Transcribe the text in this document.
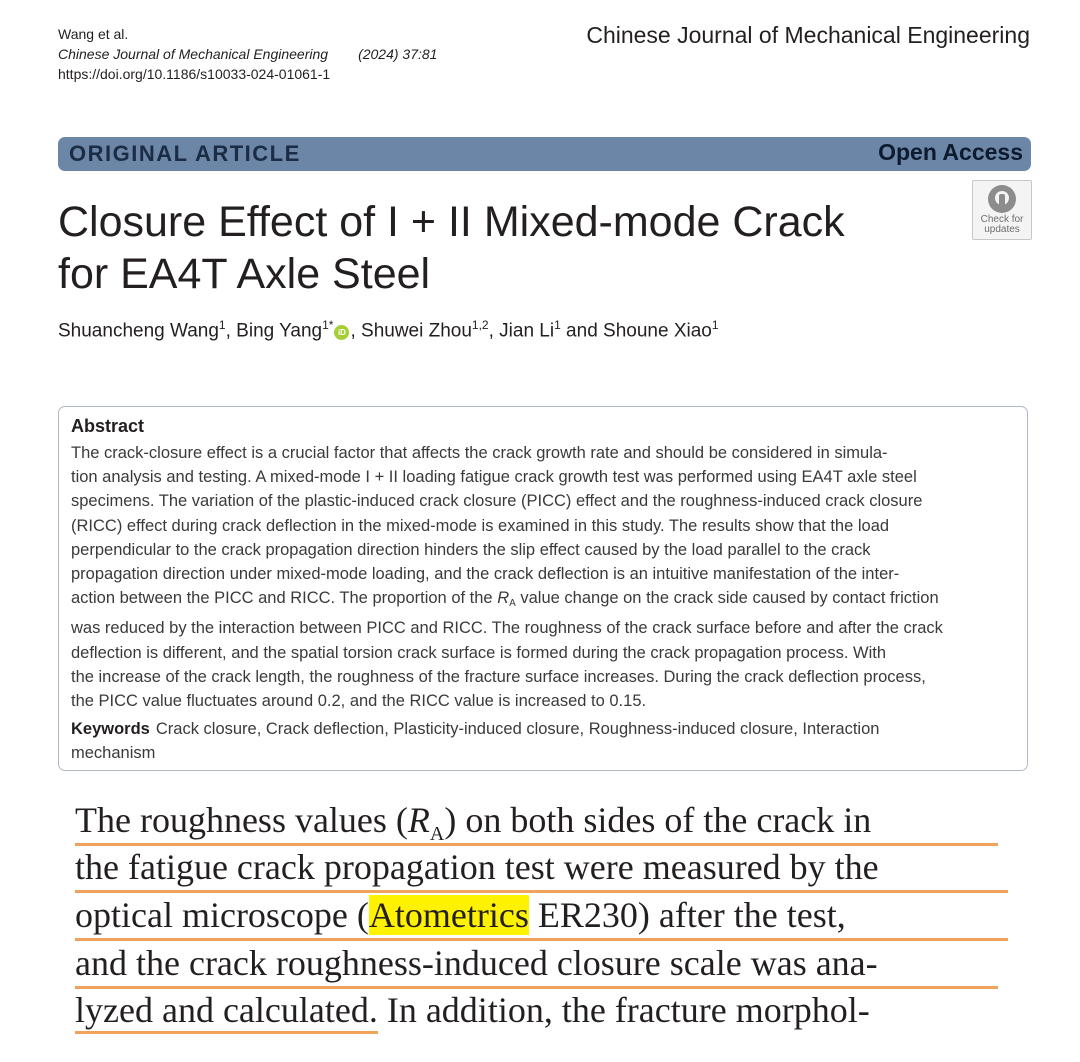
Wang et al.
Chinese Journal of Mechanical Engineering (2024) 37:81
https://doi.org/10.1186/s10033-024-01061-1
Chinese Journal of Mechanical Engineering
ORIGINAL ARTICLE	Open Access
Check for
updates
Closure Effect of I + II Mixed-mode Crack
for EA4T Axle Steel
Shuancheng Wang$^1$, Bing Yang$^{1*}$iD , Shuwei Zhou$^{1,2}$, Jian Li$^1$ and Shoune Xiao$^1$
Abstract
The crack-closure effect is a crucial factor that affects the crack growth rate and should be considered in simula-
tion analysis and testing. A mixed-mode I + II loading fatigue crack growth test was performed using EA4T axle steel
specimens. The variation of the plastic-induced crack closure (PICC) effect and the roughness-induced crack closure
(RICC) effect during crack deflection in the mixed-mode is examined in this study. The results show that the load
perpendicular to the crack propagation direction hinders the slip effect caused by the load parallel to the crack
propagation direction under mixed-mode loading, and the crack deflection is an intuitive manifestation of the inter-
action between the PICC and RICC. The proportion of the RA value change on the crack side caused by contact friction
was reduced by the interaction between PICC and RICC. The roughness of the crack surface before and after the crack
deflection is different, and the spatial torsion crack surface is formed during the crack propagation process. With
the increase of the crack length, the roughness of the fracture surface increases. During the crack deflection process,
the PICC value fluctuates around 0.2, and the RICC value is increased to 0.15.
Keywords Crack closure, Crack deflection, Plasticity-induced closure, Roughness-induced closure, Interaction
mechanism
The roughness values $(R_A)$ on both sides of the crack in
the fatigue crack propagation test were measured by the
optical microscope (Atometrics ER230) after the test,
and the crack roughness-induced closure scale was ana-
lyzed and calculated. In addition, the fracture morphol-
